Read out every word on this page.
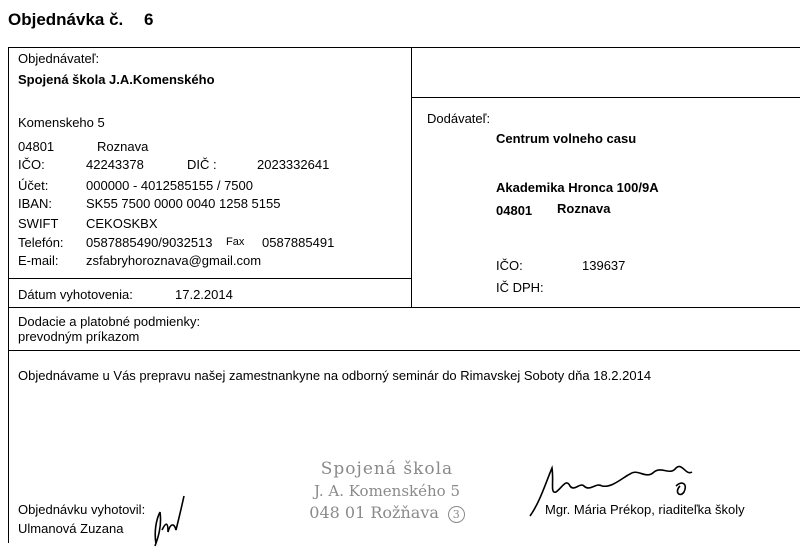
Objednávka č. 6
Objednávateľ:
Spojená škola J.A.Komenského
Komenskeho 5
04801	Roznava
IČO:	42243378	DIČ :	2023332641
Účet:	000000 - 4012585155 / 7500
IBAN:	SK55 7500 0000 0040 1258 5155
SWIFT CEKOSKBX
Telefón: 0587885490/9032513 Fax 0587885491
E-mail: zsfabryhoroznava@gmail.com
Dátum vyhotovenia:	17.2.2014
Dodávateľ:
Centrum volneho casu
Akademika Hronca 100/9A
04801 Roznava
IČO:	139637
IČ DPH:
Dodacie a platobné podmienky:
prevodným príkazom
Objednávame u Vás prepravu našej zamestnankyne na odborný seminár do Rimavskej Soboty dňa 18.2.2014
Objednávku vyhotovil:
Ulmanová Zuzana
Spojená škola
J. A. Komenského 5
048 01 Rožňava 3	Mgr. Mária Prékop, riaditeľka školy
